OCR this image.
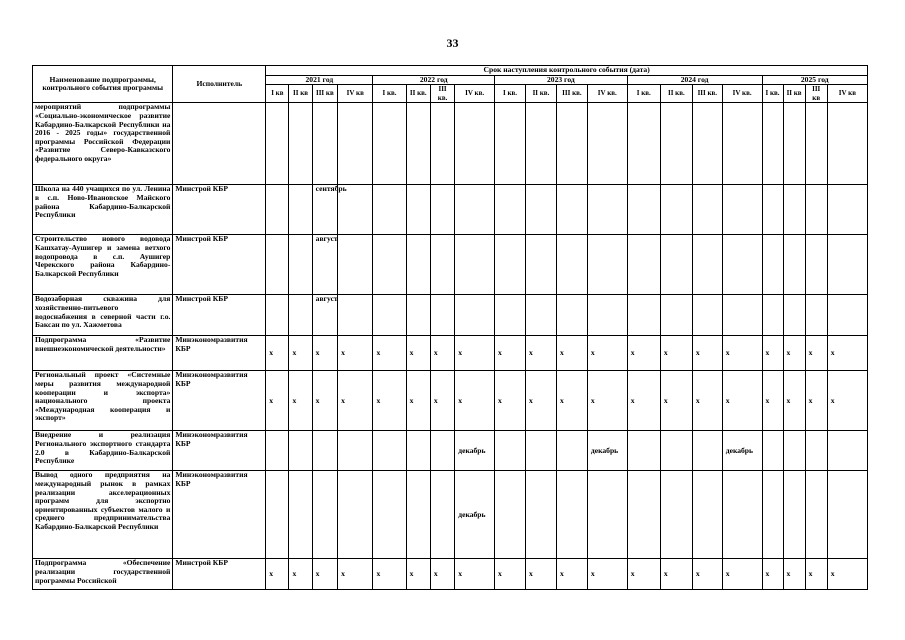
33
Наименование подпрограммы, контрольного события программы	Исполнитель	Срок наступления контрольного события (дата)																			
		2021 год				2022 год				2023 год				2024 год				2025 год			
		I кв	II кв	III кв	IV кв	I кв.	II кв.	III кв.	IV кв.	I кв.	II кв.	III кв.	IV кв.	I кв.	II кв.	III кв.	IV кв.	I кв.	II кв	III кв	IV кв
мероприятий подпрограммы «Социально-экономическое развитие Кабардино-Балкарской Республики на 2016 - 2025 годы» государственной программы Российской Федерации «Развитие Северо-Кавказского федерального округа»																					
Школа на 440 учащихся по ул. Ленина в с.п. Ново-Ивановское Майского района Кабардино-Балкарской Республики	Минстрой КБР			сентябрь																	
Строительство нового водовода Кашхатау-Аушигер и замена ветхого водопровода в с.п. Аушигер Черекского района Кабардино-Балкарской Республики	Минстрой КБР			август																	
Водозаборная скважина для хозяйственно-питьевого водоснабжения в северной части г.о. Баксан по ул. Хажметова	Минстрой КБР			август																	
Подпрограмма «Развитие внешнеэкономической деятельности»	Минэкономразвития КБР	x	x	x	x	x	x	x	x	x	x	x	x	x	x	x	x	x	x	x	x
Региональный проект «Системные меры развития международной кооперации и экспорта» национального проекта «Международная кооперация и экспорт»	Минэкономразвития КБР	x	x	x	x	x	x	x	x	x	x	x	x	x	x	x	x	x	x	x	x
Внедрение и реализация Регионального экспортного стандарта 2.0 в Кабардино-Балкарской Республике	Минэкономразвития КБР								декабрь				декабрь				декабрь				
Вывод одного предприятия на международный рынок в рамках реализации акселерационных программ для экспортно ориентированных субъектов малого и среднего предпринимательства Кабардино-Балкарской Республики	Минэкономразвития КБР								декабрь												
Подпрограмма «Обеспечение реализации государственной программы Российской	Минстрой КБР	x	x	x	x	x	x	x	x	x	x	x	x	x	x	x	x	x	x	x	x
